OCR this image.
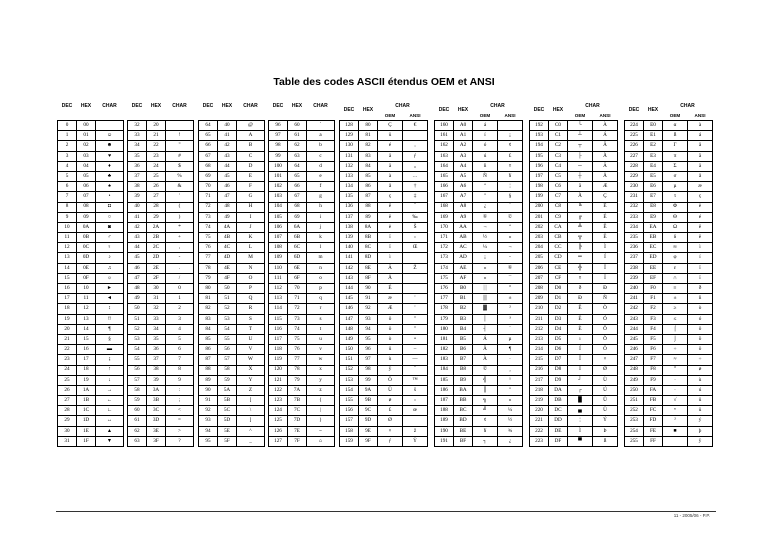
Table des codes ASCII étendus OEM et ANSI
DEC	HEX	CHAR

0	00	
1	01	☺
2	02	☻
3	03	♥
4	04	♦
5	05	♣
6	06	♠
7	07	•
8	08	◘
9	09	○
10	0A	◙
11	0B	♂
12	0C	♀
13	0D	♪
14	0E	♫
15	0F	☼
16	10	►
17	11	◄
18	12	↕
19	13	‼
20	14	¶
21	15	§
22	16	▬
23	17	↨
24	18	↑
25	19	↓
26	1A	→
27	1B	←
28	1C	∟
29	1D	↔
30	1E	▲
31	1F	▼
DEC	HEX	CHAR

32	20	
33	21	!
34	22	"
35	23	#
36	24	$
37	25	%
38	26	&
39	27	'
40	28	(
41	29	)
42	2A	*
43	2B	+
44	2C	,
45	2D	-
46	2E	.
47	2F	/
48	30	0
49	31	1
50	32	2
51	33	3
52	34	4
53	35	5
54	36	6
55	37	7
56	38	8
57	39	9
58	3A	:
59	3B	;
60	3C	<
61	3D	=
62	3E	>
63	3F	?
DEC	HEX	CHAR

64	40	@
65	41	A
66	42	B
67	43	C
68	44	D
69	45	E
70	46	F
71	47	G
72	48	H
73	49	I
74	4A	J
75	4B	K
76	4C	L
77	4D	M
78	4E	N
79	4F	O
80	50	P
81	51	Q
82	52	R
83	53	S
84	54	T
85	55	U
86	56	V
87	57	W
88	58	X
89	59	Y
90	5A	Z
91	5B	[
92	5C	\
93	5D	]
94	5E	^
95	5F	_
DEC	HEX	CHAR

96	60	`
97	61	a
98	62	b
99	63	c
100	64	d
101	65	e
102	66	f
103	67	g
104	68	h
105	69	i
106	6A	j
107	6B	k
108	6C	l
109	6D	m
110	6E	n
111	6F	o
112	70	p
113	71	q
114	72	r
115	73	s
116	74	t
117	75	u
118	76	v
119	77	w
120	78	x
121	79	y
122	7A	z
123	7B	{
124	7C	|
125	7D	}
126	7E	~
127	7F	⌂
DEC	HEX	CHAR	
		OEM	ANSI
128	80	Ç	€
129	81	ü	
130	82	é	‚
131	83	â	ƒ
132	84	ä	„
133	85	à	…
134	86	å	†
135	87	ç	‡
136	88	ê	ˆ
137	89	ë	‰
138	8A	è	Š
139	8B	ï	‹
140	8C	î	Œ
141	8D	ì	
142	8E	Ä	Ž
143	8F	Å	
144	90	É	
145	91	æ	'
146	92	Æ	'
147	93	ô	"
148	94	ö	"
149	95	ò	•
150	96	û	–
151	97	ù	—
152	98	ÿ	˜
153	99	Ö	™
154	9A	Ü	š
155	9B	ø	›
156	9C	£	œ
157	9D	Ø	
158	9E	×	ž
159	9F	ƒ	Ÿ
DEC	HEX	CHAR	
		OEM	ANSI
160	A0	á	
161	A1	í	¡
162	A2	ó	¢
163	A3	ú	£
164	A4	ñ	¤
165	A5	Ñ	¥
166	A6	ª	¦
167	A7	º	§
168	A8	¿	¨
169	A9	®	©
170	AA	¬	ª
171	AB	½	«
172	AC	¼	¬
173	AD	¡	-
174	AE	«	®
175	AF	»	¯
176	B0	░	°
177	B1	▒	±
178	B2	▓	²
179	B3	│	³
180	B4	┤	´
181	B5	Á	µ
182	B6	Â	¶
183	B7	À	·
184	B8	©	¸
185	B9	╣	¹
186	BA	║	º
187	BB	╗	»
188	BC	╝	¼
189	BD	¢	½
190	BE	¥	¾
191	BF	┐	¿
DEC	HEX	CHAR	
		OEM	ANSI
192	C0	└	À
193	C1	┴	Á
194	C2	┬	Â
195	C3	├	Ã
196	C4	─	Ä
197	C5	┼	Å
198	C6	ã	Æ
199	C7	Ã	Ç
200	C8	╚	È
201	C9	╔	É
202	CA	╩	Ê
203	CB	╦	Ë
204	CC	╠	Ì
205	CD	═	Í
206	CE	╬	Î
207	CF	¤	Ï
208	D0	ð	Ð
209	D1	Ð	Ñ
210	D2	Ê	Ò
211	D3	Ë	Ó
212	D4	È	Ô
213	D5	ı	Õ
214	D6	Í	Ö
215	D7	Î	×
216	D8	Ï	Ø
217	D9	┘	Ù
218	DA	┌	Ú
219	DB	█	Û
220	DC	▄	Ü
221	DD	¦	Ý
222	DE	Ì	Þ
223	DF	▀	ß
DEC	HEX	CHAR	
		OEM	ANSI
224	E0	α	à
225	E1	ß	á
226	E2	Γ	â
227	E3	π	ã
228	E4	Σ	ä
229	E5	σ	å
230	E6	µ	æ
231	E7	τ	ç
232	E8	Φ	è
233	E9	Θ	é
234	EA	Ω	ê
235	EB	δ	ë
236	EC	∞	ì
237	ED	φ	í
238	EE	ε	î
239	EF	∩	ï
240	F0	≡	ð
241	F1	±	ñ
242	F2	≥	ò
243	F3	≤	ó
244	F4	⌠	ô
245	F5	⌡	õ
246	F6	÷	ö
247	F7	≈	÷
248	F8	°	ø
249	F9	∙	ù
250	FA	·	ú
251	FB	√	û
252	FC	ⁿ	ü
253	FD	²	ý
254	FE	■	þ
255	FF		ÿ
11 - 2005/06 - P.P.
